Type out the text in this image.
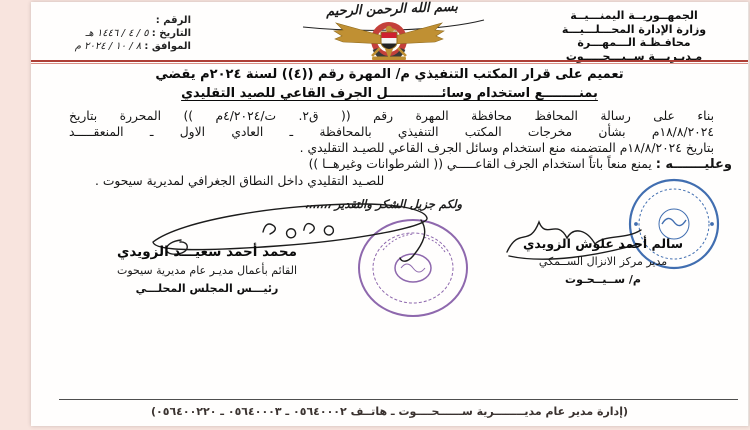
الجمهــوريــة اليمنـــيــة
وزارة الإدارة المحـــلـــيـــة
محافـظـة الـــمهـــرة
مـديـريـــة ســيـــحـــــوت
بسم الله الرحمن الرحيم
الرقم :
التاريخ : ٥ / ٤ / ١٤٤٦ هـ
الموافق : ٨ / ١٠ / ٢٠٢٤ م
تعميم على قرار المكتب التنفيذي م/ المهرة رقم ((٤)) لسنة ٢٠٢٤م يقضي
بمنــــــــع استخدام وسائــــــــــــل الجرف القاعي للصيد التقليدي
بناء على رسالة المحافظ محافظة المهرة رقم (( ق٢. ت/٤/٢٠٢٤م )) المحررة بتاريخ
١٨/٨/٢٠٢٤م بشأن مخرجات المكتب التنفيذي بالمحافظة ـ العادي الاول ـ المنعقـــــد
بتاريخ ١٨/٨/٢٠٢٤م المتضمنه منع استخدام وسائل الجرف القاعي للصيـد التقليدي .
وعليـــــــه : يمنع منعاً باتاً استخدام الجرف القاعـــــي (( الشرطوانات وغيرهــا ))
للصـيد التقليدي داخل النطاق الجغرافي لمديرية سيحوت .
ولكم جزيل الشكر والتقدير ،،،،،،،
محمد أحمد سعيـــد الزويدي
القائم بأعمال مديـر عام مديرية سيحوت
رئيـــس المجلس المحلـــي
سالم أحمد علوش الزويدي
مدير مركز الانزال الســمكي
م/ ســيــحـوت
(إدارة مدير عام مديــــــــرية ســــــحــــوت ـ هاتــف ٠٥٦٤٠٠٠٢ ـ ٠٥٦٤٠٠٠٣ ـ ٠٥٦٤٠٠٢٢٠)
